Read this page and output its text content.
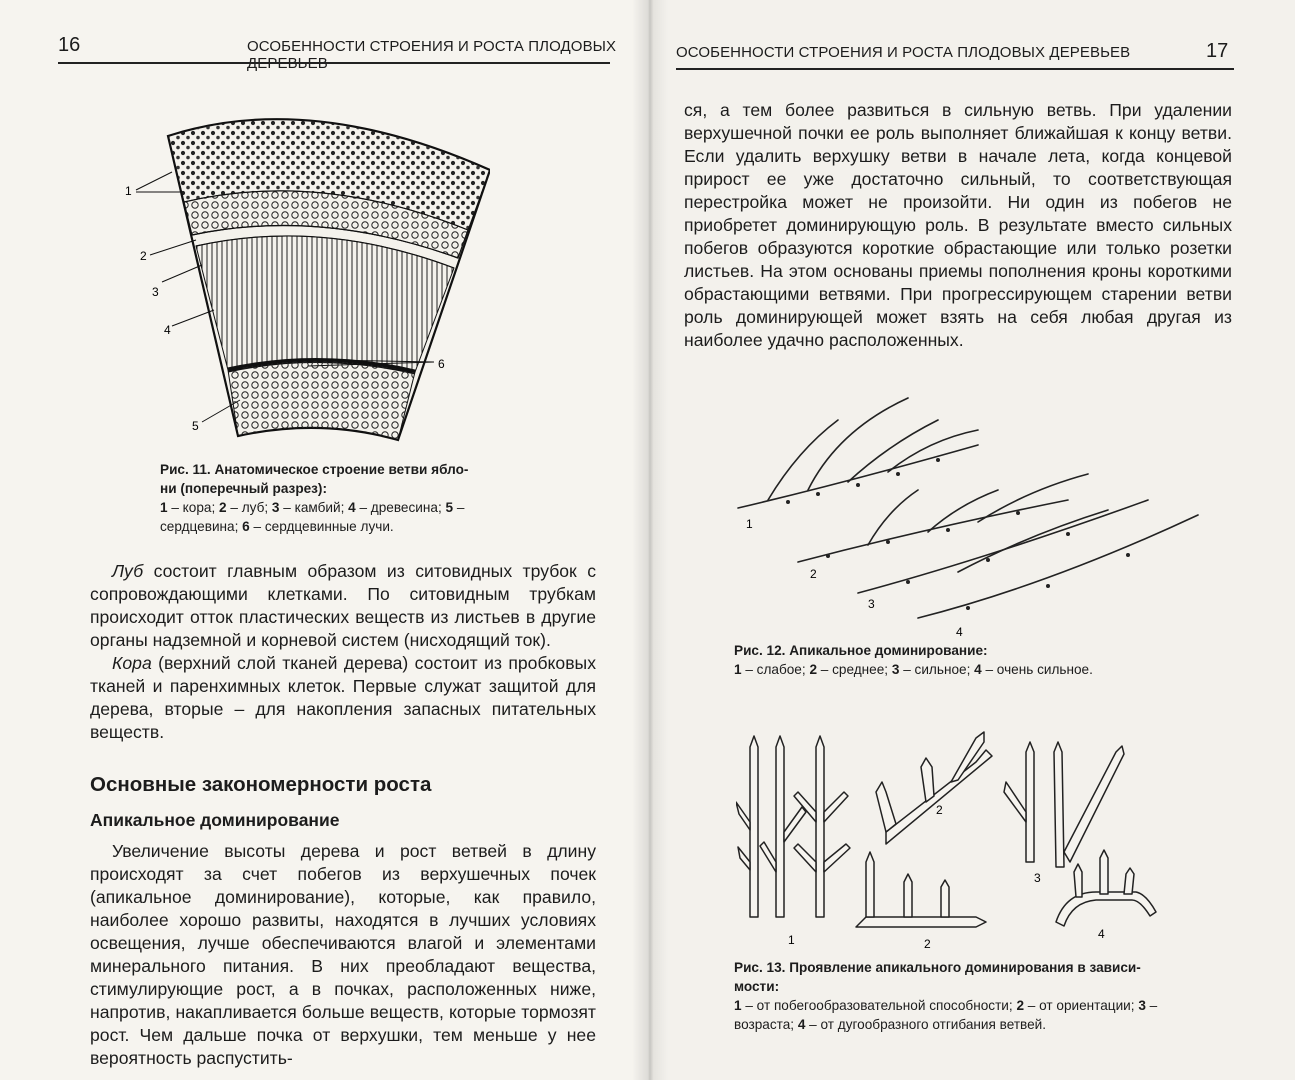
16	ОСОБЕННОСТИ СТРОЕНИЯ И РОСТА ПЛОДОВЫХ
1
2
3
4
6
5
Рис. 11. Анатомическое строение ветви ябло-
ни (поперечный разрез):
1 – кора; 2 – луб; 3 – камбий; 4 – древесина; 5 –
сердцевина; 6 – сердцевинные лучи.

Луб состоит главным образом из ситовидных трубок с сопровождающими клетками. По ситовидным трубкам происходит отток пластических веществ из листьев в другие органы надземной и корневой систем (нисходящий ток).

Кора (верхний слой тканей дерева) состоит из пробковых тканей и паренхимных клеток. Первые служат защитой для дерева, вторые – для накопления запасных питательных веществ.

Основные закономерности роста
Апикальное доминирование

Увеличение высоты дерева и рост ветвей в длину происходят за счет побегов из верхушечных почек (апикальное доминирование), которые, как правило, наиболее хорошо развиты, находятся в лучших условиях освещения, лучше обеспечиваются влагой и элементами минерального питания. В них преобладают вещества, стимулирующие рост, а в почках, расположенных ниже, напротив, накапливается больше веществ, которые тормозят рост. Чем дальше почка от верхушки, тем меньше у нее вероятность распустить-

ОСОБЕННОСТИ СТРОЕНИЯ И РОСТА ПЛОДОВЫХ ДЕРЕВЬЕВ	17

ся, а тем более развиться в сильную ветвь. При удалении верхушечной почки ее роль выполняет ближайшая к концу ветви. Если удалить верхушку ветви в начале лета, когда концевой прирост ее уже достаточно сильный, то соответствующая перестройка может не произойти. Ни один из побегов не приобретет доминирующую роль. В результате вместо сильных побегов образуются короткие обрастающие или только розетки листьев. На этом основаны приемы пополнения кроны короткими обрастающими ветвями. При прогрессирующем старении ветви роль доминирующей может взять на себя любая другая из наиболее удачно расположенных.

1
2
3
4
Рис. 12. Апикальное доминирование:
1 – слабое; 2 – среднее; 3 – сильное; 4 – очень сильное.
1
2
2
3
4
Рис. 13. Проявление апикального доминирования в зависи-
мости:
1 – от побегообразовательной способности; 2 – от ориентации; 3 –
возраста; 4 – от дугообразного отгибания ветвей.
